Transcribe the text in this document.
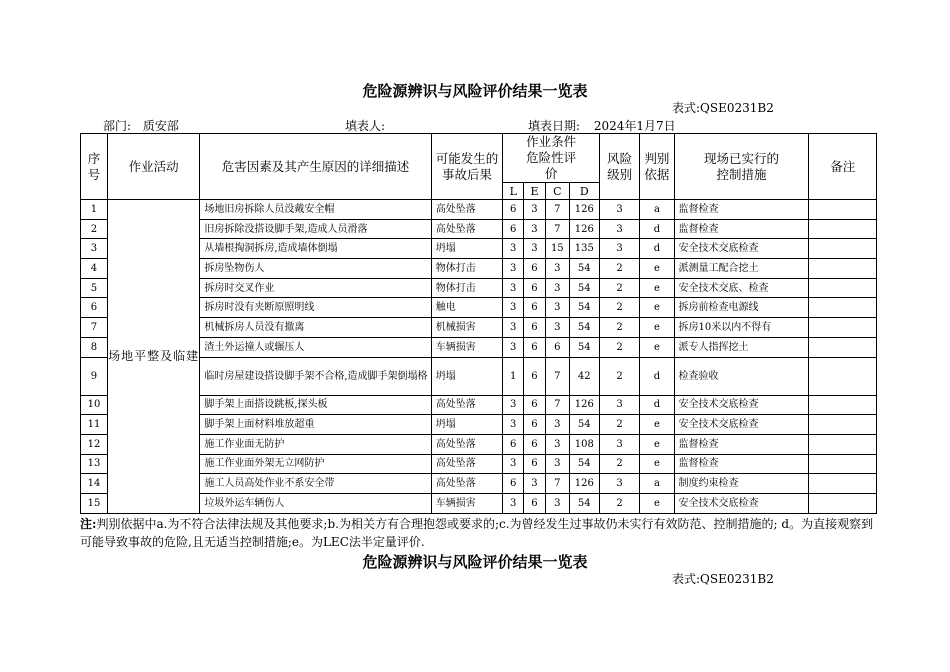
危险源辨识与风险评价结果一览表
表式:QSE0231B2
部门: 质安部	填表人:	填表日期: 2024年1月7日
序号	作业活动	危害因素及其产生原因的详细描述	可能发生的事故后果	作业条件危险性评价				风险级别	判别依据	现场已实行的控制措施	备注
				L	E	C	D				
1	场地平整及临建	场地旧房拆除人员没戴安全帽	高处坠落	6	3	7	126	3	a	监督检查	
2		旧房拆除没搭设脚手架,造成人员滑落	高处坠落	6	3	7	126	3	d	监督检查	
3		从墙根掏洞拆房,造成墙体倒塌	坍塌	3	3	15	135	3	d	安全技术交底检查	
4		拆房坠物伤人	物体打击	3	6	3	54	2	e	派测量工配合挖土	
5		拆房时交叉作业	物体打击	3	6	3	54	2	e	安全技术交底、检查	
6		拆房时没有夹断原照明线	触电	3	6	3	54	2	e	拆房前检查电源线	
7		机械拆房人员没有撤离	机械损害	3	6	3	54	2	e	拆房10米以内不得有	
8		渣土外运撞人或辗压人	车辆损害	3	6	6	54	2	e	派专人指挥挖土	
9		临时房屋建设搭设脚手架不合格,造成脚手架倒塌格	坍塌	1	6	7	42	2	d	检查验收	
10		脚手架上面搭设跳板,探头板	高处坠落	3	6	7	126	3	d	安全技术交底检查	
11		脚手架上面材料堆放超重	坍塌	3	6	3	54	2	e	安全技术交底检查	
12		施工作业面无防护	高处坠落	6	6	3	108	3	e	监督检查	
13		施工作业面外架无立网防护	高处坠落	3	6	3	54	2	e	监督检查	
14		施工人员高处作业不系安全带	高处坠落	6	3	7	126	3	a	制度约束检查	
15		垃圾外运车辆伤人	车辆损害	3	6	3	54	2	e	安全技术交底检查	
注:判别依据中a.为不符合法律法规及其他要求;b.为相关方有合理抱怨或要求的;c.为曾经发生过事故仍未实行有效防范、控制措施的; d。为直接观察到可能导致事故的危险,且无适当控制措施;e。为LEC法半定量评价.
危险源辨识与风险评价结果一览表
表式:QSE0231B2
